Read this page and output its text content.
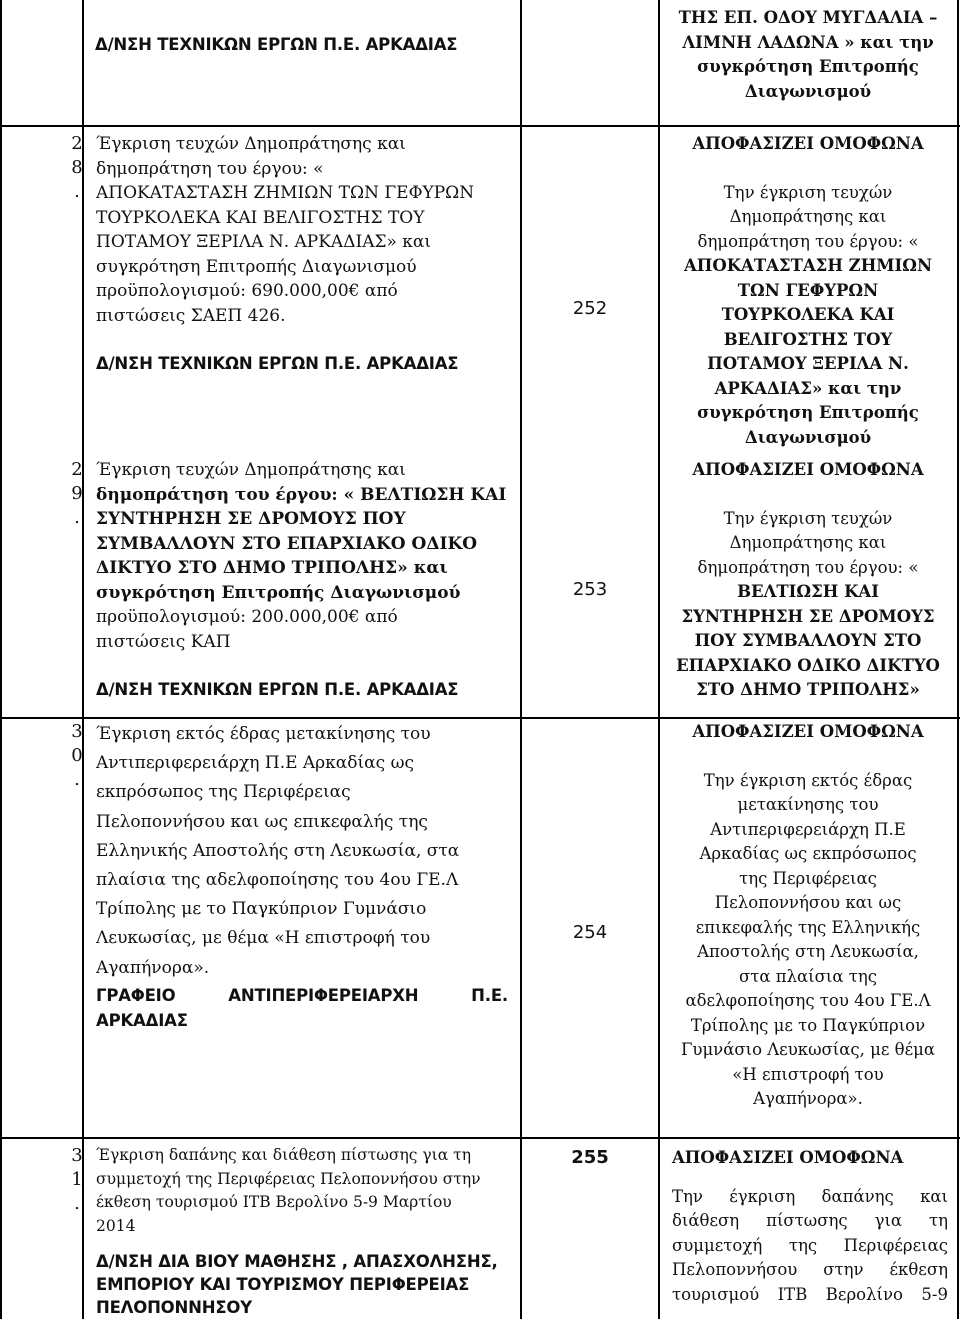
Δ/ΝΣΗ ΤΕΧΝΙΚΩΝ ΕΡΓΩΝ Π.Ε. ΑΡΚΑΔΙΑΣ
ΤΗΣ ΕΠ. ΟΔΟΥ ΜΥΓΔΑΛΙΑ –
ΛΙΜΝΗ ΛΑΔΩΝΑ » και την
συγκρότηση Επιτροπής
Διαγωνισμού
2
8
.
Έγκριση τευχών Δημοπράτησης και
δημοπράτηση του έργου: «
ΑΠΟΚΑΤΑΣΤΑΣΗ ΖΗΜΙΩΝ ΤΩΝ ΓΕΦΥΡΩΝ
ΤΟΥΡΚΟΛΕΚΑ ΚΑΙ ΒΕΛΙΓΟΣΤΗΣ ΤΟΥ
ΠΟΤΑΜΟΥ ΞΕΡΙΛΑ Ν. ΑΡΚΑΔΙΑΣ» και
συγκρότηση Επιτροπής Διαγωνισμού
προϋπολογισμού: 690.000,00€ από
πιστώσεις ΣΑΕΠ 426.
Δ/ΝΣΗ ΤΕΧΝΙΚΩΝ ΕΡΓΩΝ Π.Ε. ΑΡΚΑΔΙΑΣ
252
ΑΠΟΦΑΣΙΖΕΙ ΟΜΟΦΩΝΑ
Την έγκριση τευχών
Δημοπράτησης και
δημοπράτηση του έργου: «
ΑΠΟΚΑΤΑΣΤΑΣΗ ΖΗΜΙΩΝ
ΤΩΝ ΓΕΦΥΡΩΝ
ΤΟΥΡΚΟΛΕΚΑ ΚΑΙ
ΒΕΛΙΓΟΣΤΗΣ ΤΟΥ
ΠΟΤΑΜΟΥ ΞΕΡΙΛΑ Ν.
ΑΡΚΑΔΙΑΣ» και την
συγκρότηση Επιτροπής
Διαγωνισμού
2
9
.
Έγκριση τευχών Δημοπράτησης και
δημοπράτηση του έργου: « ΒΕΛΤΙΩΣΗ ΚΑΙ
ΣΥΝΤΗΡΗΣΗ ΣΕ ΔΡΟΜΟΥΣ ΠΟΥ
ΣΥΜΒΑΛΛΟΥΝ ΣΤΟ ΕΠΑΡΧΙΑΚΟ ΟΔΙΚΟ
ΔΙΚΤΥΟ ΣΤΟ ΔΗΜΟ ΤΡΙΠΟΛΗΣ» και
συγκρότηση Επιτροπής Διαγωνισμού
προϋπολογισμού: 200.000,00€ από
πιστώσεις ΚΑΠ
Δ/ΝΣΗ ΤΕΧΝΙΚΩΝ ΕΡΓΩΝ Π.Ε. ΑΡΚΑΔΙΑΣ
253
ΑΠΟΦΑΣΙΖΕΙ ΟΜΟΦΩΝΑ
Την έγκριση τευχών
Δημοπράτησης και
δημοπράτηση του έργου: «
ΒΕΛΤΙΩΣΗ ΚΑΙ
ΣΥΝΤΗΡΗΣΗ ΣΕ ΔΡΟΜΟΥΣ
ΠΟΥ ΣΥΜΒΑΛΛΟΥΝ ΣΤΟ
ΕΠΑΡΧΙΑΚΟ ΟΔΙΚΟ ΔΙΚΤΥΟ
ΣΤΟ ΔΗΜΟ ΤΡΙΠΟΛΗΣ»
3
0
.
Έγκριση εκτός έδρας μετακίνησης του
Αντιπεριφερειάρχη Π.Ε Αρκαδίας ως
εκπρόσωπος της Περιφέρειας
Πελοποννήσου και ως επικεφαλής της
Ελληνικής Αποστολής στη Λευκωσία, στα
πλαίσια της αδελφοποίησης του 4ου ΓΕ.Λ
Τρίπολης με το Παγκύπριον Γυμνάσιο
Λευκωσίας, με θέμα «Η επιστροφή του
Αγαπήνορα».
ΓΡΑΦΕΙΟ ΑΝΤΙΠΕΡΙΦΕΡΕΙΑΡΧΗ Π.Ε.
ΑΡΚΑΔΙΑΣ
254
ΑΠΟΦΑΣΙΖΕΙ ΟΜΟΦΩΝΑ
Την έγκριση εκτός έδρας
μετακίνησης του
Αντιπεριφερειάρχη Π.Ε
Αρκαδίας ως εκπρόσωπος
της Περιφέρειας
Πελοποννήσου και ως
επικεφαλής της Ελληνικής
Αποστολής στη Λευκωσία,
στα πλαίσια της
αδελφοποίησης του 4ου ΓΕ.Λ
Τρίπολης με το Παγκύπριον
Γυμνάσιο Λευκωσίας, με θέμα
«Η επιστροφή του
Αγαπήνορα».
3
1
.
Έγκριση δαπάνης και διάθεση πίστωσης για τη
συμμετοχή της Περιφέρειας Πελοποννήσου στην
έκθεση τουρισμού ITB Βερολίνο 5-9 Μαρτίου
2014
Δ/ΝΣΗ ΔΙΑ ΒΙΟΥ ΜΑΘΗΣΗΣ , ΑΠΑΣΧΟΛΗΣΗΣ,
ΕΜΠΟΡΙΟΥ ΚΑΙ ΤΟΥΡΙΣΜΟΥ ΠΕΡΙΦΕΡΕΙΑΣ
ΠΕΛΟΠΟΝΝΗΣΟΥ
255	ΑΠΟΦΑΣΙΖΕΙ ΟΜΟΦΩΝΑ
Την έγκριση δαπάνης και
διάθεση πίστωσης για τη
συμμετοχή της Περιφέρειας
Πελοποννήσου στην έκθεση
τουρισμού ITB Βερολίνο 5-9
